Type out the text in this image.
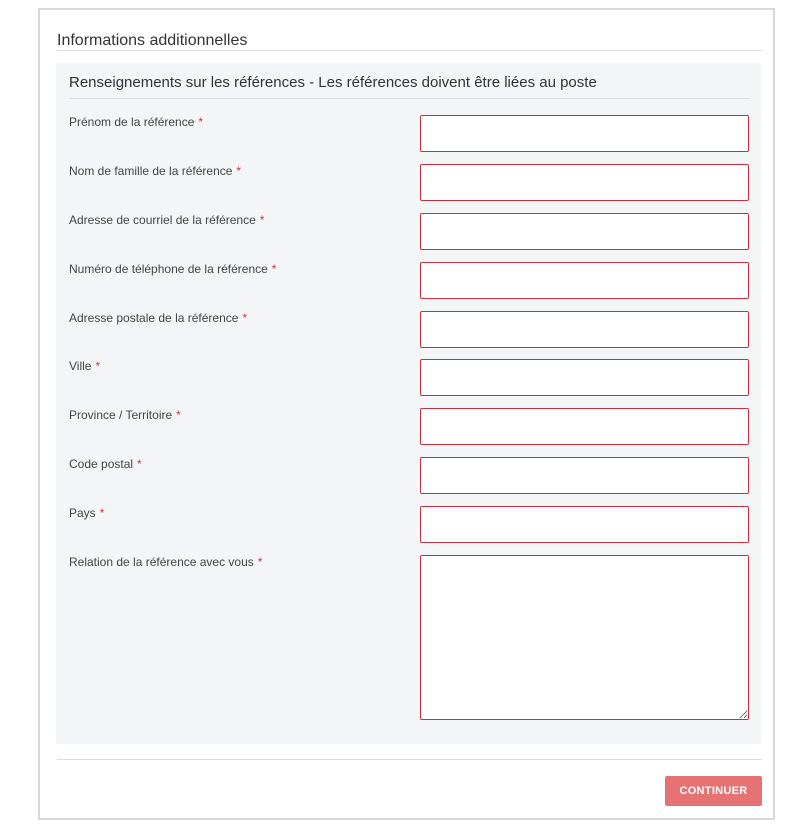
Informations additionnelles
Renseignements sur les références - Les références doivent être liées au poste
Prénom de la référence *
Nom de famille de la référence *
Adresse de courriel de la référence *
Numéro de téléphone de la référence *
Adresse postale de la référence *
Ville *
Province / Territoire *
Code postal *
Pays *
Relation de la référence avec vous *
CONTINUER
